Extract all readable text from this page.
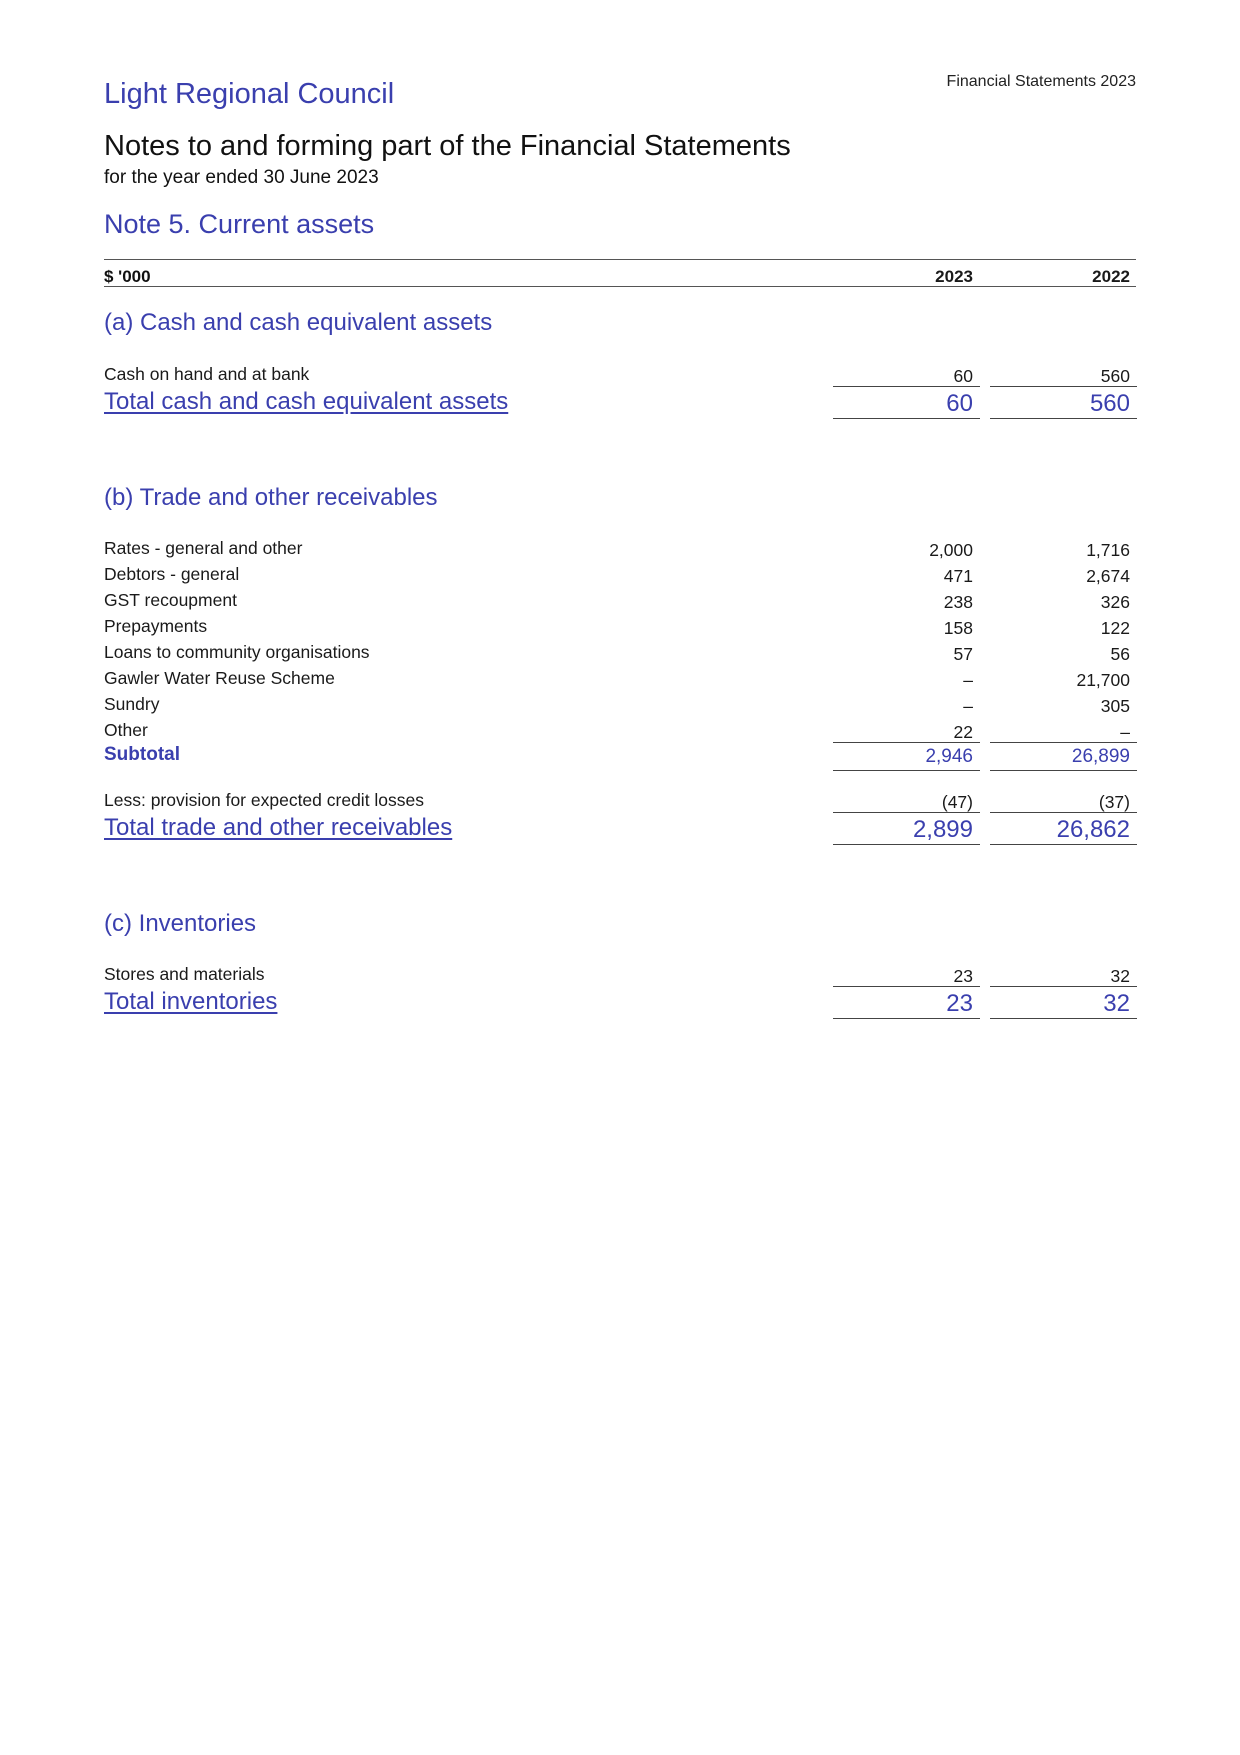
Light Regional Council	Financial Statements 2023
Notes to and forming part of the Financial Statements
for the year ended 30 June 2023
Note 5. Current assets
$ '000	2023	2022
(a) Cash and cash equivalent assets
Cash on hand and at bank	60	560
Total cash and cash equivalent assets	60	560
(b) Trade and other receivables
Rates - general and other	2,000	1,716
Debtors - general	471	2,674
GST recoupment	238	326
Prepayments	158	122
Loans to community organisations	57	56
Gawler Water Reuse Scheme	–	21,700
Sundry	–	305
Other	22	–
Subtotal	2,946	26,899
Less: provision for expected credit losses	(47)	(37)
Total trade and other receivables	2,899	26,862
(c) Inventories
Stores and materials	23	32
Total inventories	23	32
